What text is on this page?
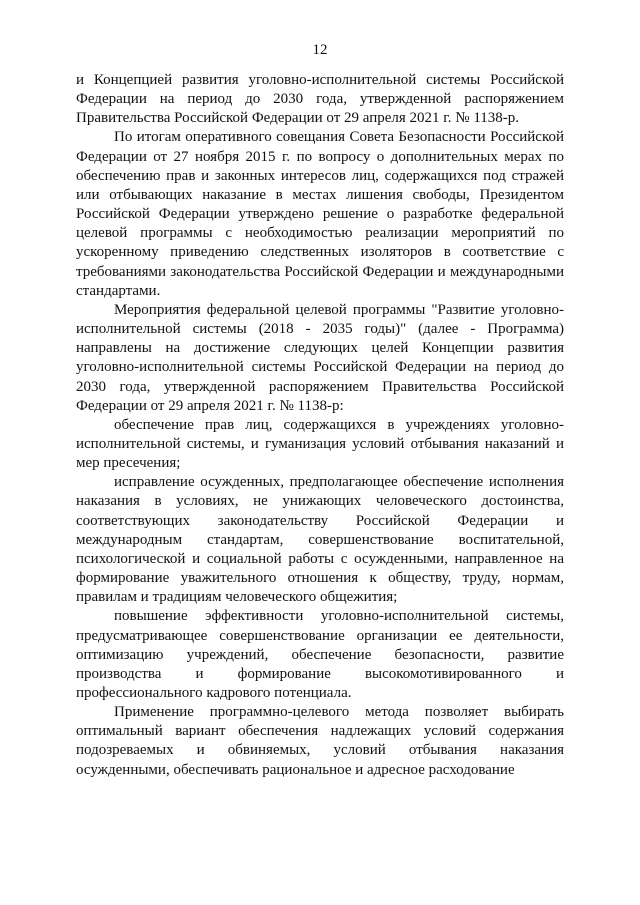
12

и Концепцией развития уголовно-исполнительной системы Российской Федерации на период до 2030 года, утвержденной распоряжением Правительства Российской Федерации от 29 апреля 2021 г. № 1138-р.

По итогам оперативного совещания Совета Безопасности Российской Федерации от 27 ноября 2015 г. по вопросу о дополнительных мерах по обеспечению прав и законных интересов лиц, содержащихся под стражей или отбывающих наказание в местах лишения свободы, Президентом Российской Федерации утверждено решение о разработке федеральной целевой программы с необходимостью реализации мероприятий по ускоренному приведению следственных изоляторов в соответствие с требованиями законодательства Российской Федерации и международными стандартами.

Мероприятия федеральной целевой программы "Развитие уголовно-исполнительной системы (2018 - 2035 годы)" (далее - Программа) направлены на достижение следующих целей Концепции развития уголовно-исполнительной системы Российской Федерации на период до 2030 года, утвержденной распоряжением Правительства Российской Федерации от 29 апреля 2021 г. № 1138-р:

обеспечение прав лиц, содержащихся в учреждениях уголовно-исполнительной системы, и гуманизация условий отбывания наказаний и мер пресечения;

исправление осужденных, предполагающее обеспечение исполнения наказания в условиях, не унижающих человеческого достоинства, соответствующих законодательству Российской Федерации и международным стандартам, совершенствование воспитательной, психологической и социальной работы с осужденными, направленное на формирование уважительного отношения к обществу, труду, нормам, правилам и традициям человеческого общежития;

повышение эффективности уголовно-исполнительной системы, предусматривающее совершенствование организации ее деятельности, оптимизацию учреждений, обеспечение безопасности, развитие производства и формирование высокомотивированного и профессионального кадрового потенциала.

Применение программно-целевого метода позволяет выбирать оптимальный вариант обеспечения надлежащих условий содержания подозреваемых и обвиняемых, условий отбывания наказания осужденными, обеспечивать рациональное и адресное расходование
